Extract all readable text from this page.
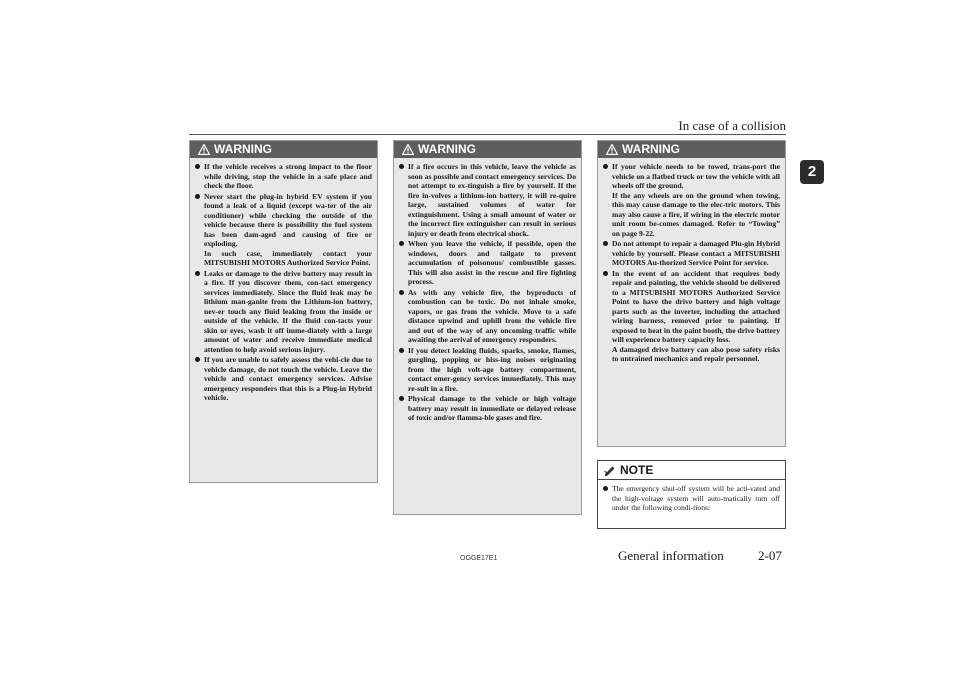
In case of a collision
2
WARNING
If the vehicle receives a strong impact to the floor while driving, stop the vehicle in a safe place and check the floor.
Never start the plug-in hybrid EV system if you found a leak of a liquid (except wa-ter of the air conditioner) while checking the outside of the vehicle because there is possibility the fuel system has been dam-aged and causing of fire or exploding.
In such case, immediately contact your MITSUBISHI MOTORS Authorized Service Point.
Leaks or damage to the drive battery may result in a fire. If you discover them, con-tact emergency services immediately. Since the fluid leak may be lithium man-ganite from the Lithium-ion battery, nev-er touch any fluid leaking from the inside or outside of the vehicle. If the fluid con-tacts your skin or eyes, wash it off imme-diately with a large amount of water and receive immediate medical attention to help avoid serious injury.
If you are unable to safely assess the vehi-cle due to vehicle damage, do not touch the vehicle. Leave the vehicle and contact emergency services. Advise emergency responders that this is a Plug-in Hybrid vehicle.
WARNING
If a fire occurs in this vehicle, leave the vehicle as soon as possible and contact emergency services. Do not attempt to ex-tinguish a fire by yourself. If the fire in-volves a lithium-ion battery, it will re-quire large, sustained volumes of water for extinguishment. Using a small amount of water or the incorrect fire extinguisher can result in serious injury or death from electrical shock.
When you leave the vehicle, if possible, open the windows, doors and tailgate to prevent accumulation of poisonous/ combustible gasses. This will also assist in the rescue and fire fighting process.
As with any vehicle fire, the byproducts of combustion can be toxic. Do not inhale smoke, vapors, or gas from the vehicle. Move to a safe distance upwind and uphill from the vehicle fire and out of the way of any oncoming traffic while awaiting the arrival of emergency responders.
If you detect leaking fluids, sparks, smoke, flames, gurgling, popping or hiss-ing noises originating from the high volt-age battery compartment, contact emer-gency services immediately. This may re-sult in a fire.
Physical damage to the vehicle or high voltage battery may result in immediate or delayed release of toxic and/or flamma-ble gases and fire.
WARNING
If your vehicle needs to be towed, trans-port the vehicle on a flatbed truck or tow the vehicle with all wheels off the ground.
If the any wheels are on the ground when towing, this may cause damage to the elec-tric motors. This may also cause a fire, if wiring in the electric motor unit room be-comes damaged. Refer to “Towing” on page 9-22.
Do not attempt to repair a damaged Plu-gin Hybrid vehicle by yourself. Please contact a MITSUBISHI MOTORS Au-thorized Service Point for service.
In the event of an accident that requires body repair and painting, the vehicle should be delivered to a MITSUBISHI MOTORS Authorized Service Point to have the drive battery and high voltage parts such as the inverter, including the attached wiring harness, removed prior to painting. If exposed to heat in the paint booth, the drive battery will experience battery capacity loss.
A damaged drive battery can also pose safety risks to untrained mechanics and repair personnel.
NOTE
The emergency shut-off system will be acti-vated and the high-voltage system will auto-matically turn off under the following condi-tions:
OGGE17E1	General information	2-07
